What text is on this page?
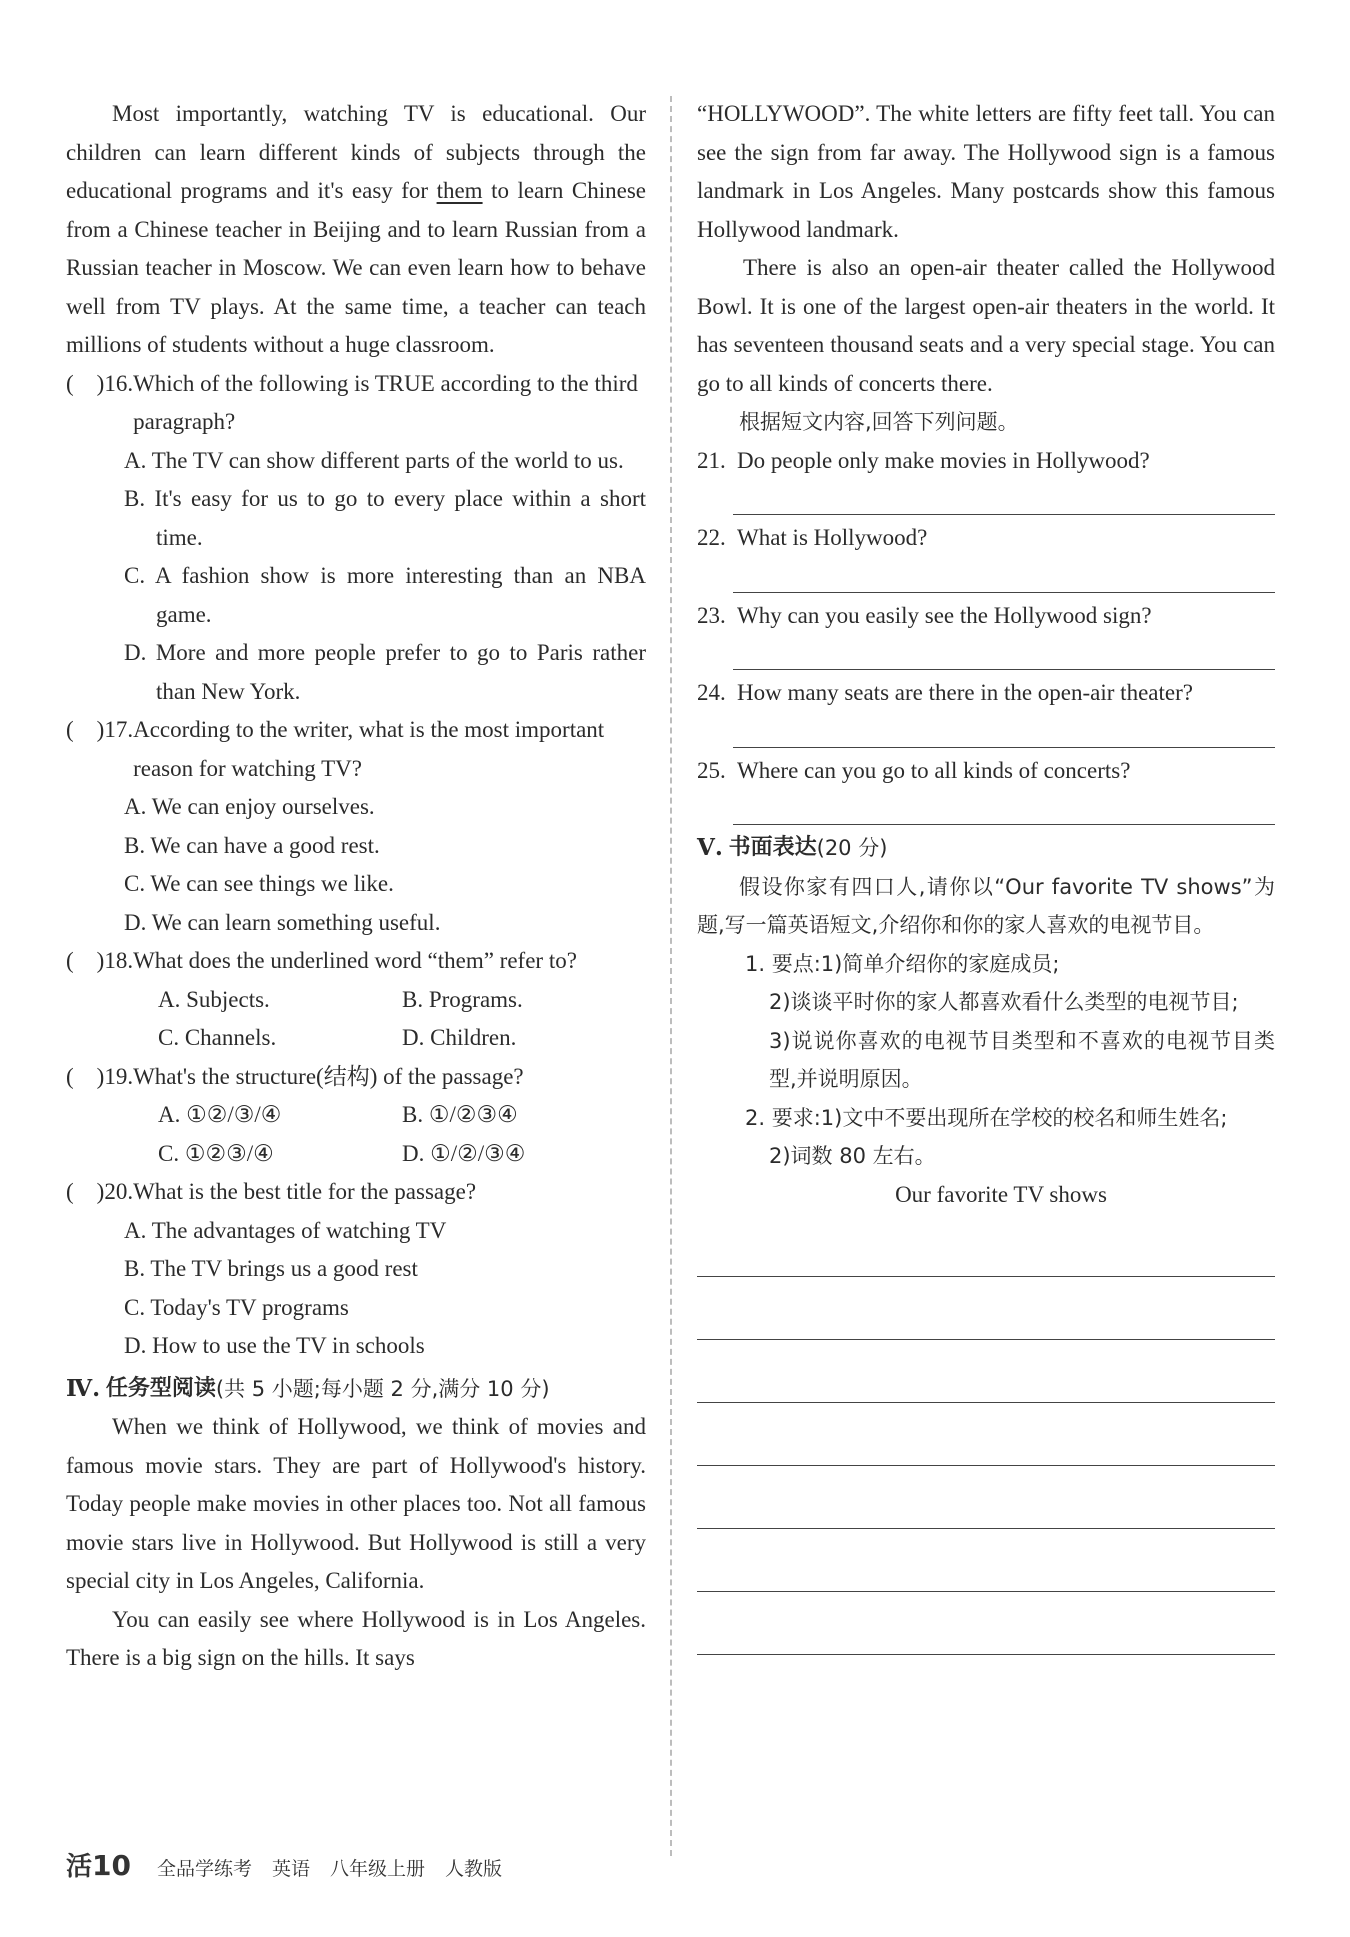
Most importantly, watching TV is educational. Our children can learn different kinds of subjects through the educational programs and it's easy for them to learn Chinese from a Chinese teacher in Beijing and to learn Russian from a Russian teacher in Moscow. We can even learn how to behave well from TV plays. At the same time, a teacher can teach millions of students without a huge classroom.

(    ) 16. Which of the following is TRUE according to the third paragraph?

A. The TV can show different parts of the world to us.

B. It's easy for us to go to every place within a short time.

C. A fashion show is more interesting than an NBA game.

D. More and more people prefer to go to Paris rather than New York.

(    ) 17. According to the writer, what is the most important reason for watching TV?

A. We can enjoy ourselves.

B. We can have a good rest.

C. We can see things we like.

D. We can learn something useful.

(    ) 18. What does the underlined word “them” refer to?
A. Subjects.	B. Programs.
C. Channels.	D. Children.
(    ) 19. What's the structure(结构) of the passage?
A. ①②/③/④	B. ①/②③④
C. ①②③/④	D. ①/②/③④
(    ) 20. What is the best title for the passage?

A. The advantages of watching TV

B. The TV brings us a good rest

C. Today's TV programs

D. How to use the TV in schools

Ⅳ.
任务型阅读 (共 5 小题;每小题 2 分,满分 10 分)

When we think of Hollywood, we think of movies and famous movie stars. They are part of Hollywood's history. Today people make movies in other places too. Not all famous movie stars live in Hollywood. But Hollywood is still a very special city in Los Angeles, California.

You can easily see where Hollywood is in Los Angeles. There is a big sign on the hills. It says

“HOLLYWOOD”. The white letters are fifty feet tall. You can see the sign from far away. The Hollywood sign is a famous landmark in Los Angeles. Many postcards show this famous Hollywood landmark.

There is also an open-air theater called the Hollywood Bowl. It is one of the largest open-air theaters in the world. It has seventeen thousand seats and a very special stage. You can go to all kinds of concerts there.

根据短文内容,回答下列问题。

21. Do people only make movies in Hollywood?
22. What is Hollywood?
23. Why can you easily see the Hollywood sign?
24. How many seats are there in the open-air theater?
25. Where can you go to all kinds of concerts?
Ⅴ.
书面表达 (20 分)

假设你家有四口人,请你以“Our favorite TV shows”为题,写一篇英语短文,介绍你和你的家人喜欢的电视节目。

1. 要点:1)简单介绍你的家庭成员;

2)谈谈平时你的家人都喜欢看什么类型的电视节目;

3)说说你喜欢的电视节目类型和不喜欢的电视节目类型,并说明原因。

2. 要求:1)文中不要出现所在学校的校名和师生姓名;

2)词数 80 左右。

Our favorite TV shows

活 10 全品学练考 英语 八年级上册 人教版
